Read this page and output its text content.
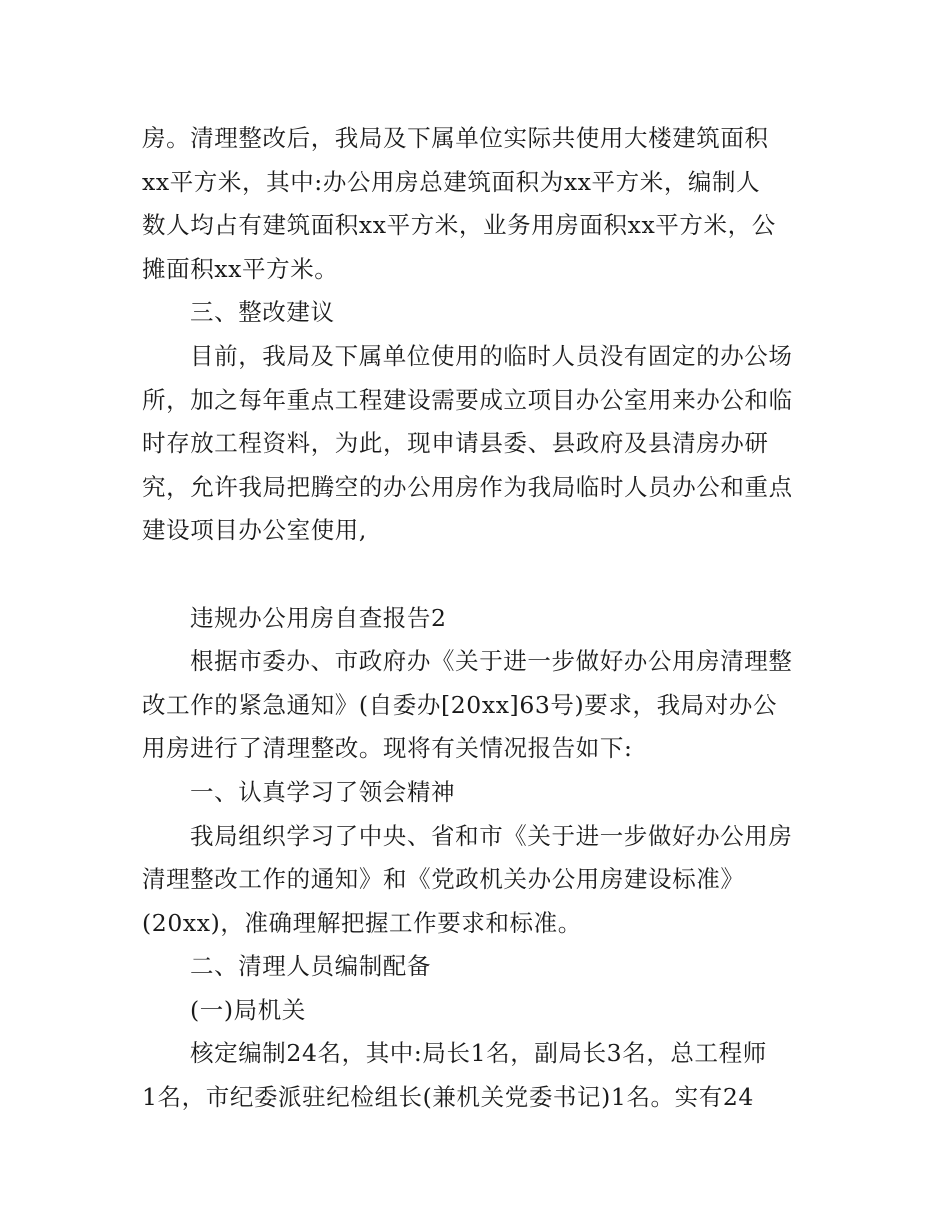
房。清理整改后，我局及下属单位实际共使用大楼建筑面积
xx平方米，其中:办公用房总建筑面积为xx平方米，编制人
数人均占有建筑面积xx平方米，业务用房面积xx平方米，公
摊面积xx平方米。
三、整改建议
目前，我局及下属单位使用的临时人员没有固定的办公场
所，加之每年重点工程建设需要成立项目办公室用来办公和临
时存放工程资料，为此，现申请县委、县政府及县清房办研
究，允许我局把腾空的办公用房作为我局临时人员办公和重点
建设项目办公室使用,
违规办公用房自查报告2
根据市委办、市政府办《关于进一步做好办公用房清理整
改工作的紧急通知》(自委办[20xx]63号)要求，我局对办公
用房进行了清理整改。现将有关情况报告如下:
一、认真学习了领会精神
我局组织学习了中央、省和市《关于进一步做好办公用房
清理整改工作的通知》和《党政机关办公用房建设标准》
(20xx)，准确理解把握工作要求和标准。
二、清理人员编制配备
(一)局机关
核定编制24名，其中:局长1名，副局长3名，总工程师
1名，市纪委派驻纪检组长(兼机关党委书记)1名。实有24
